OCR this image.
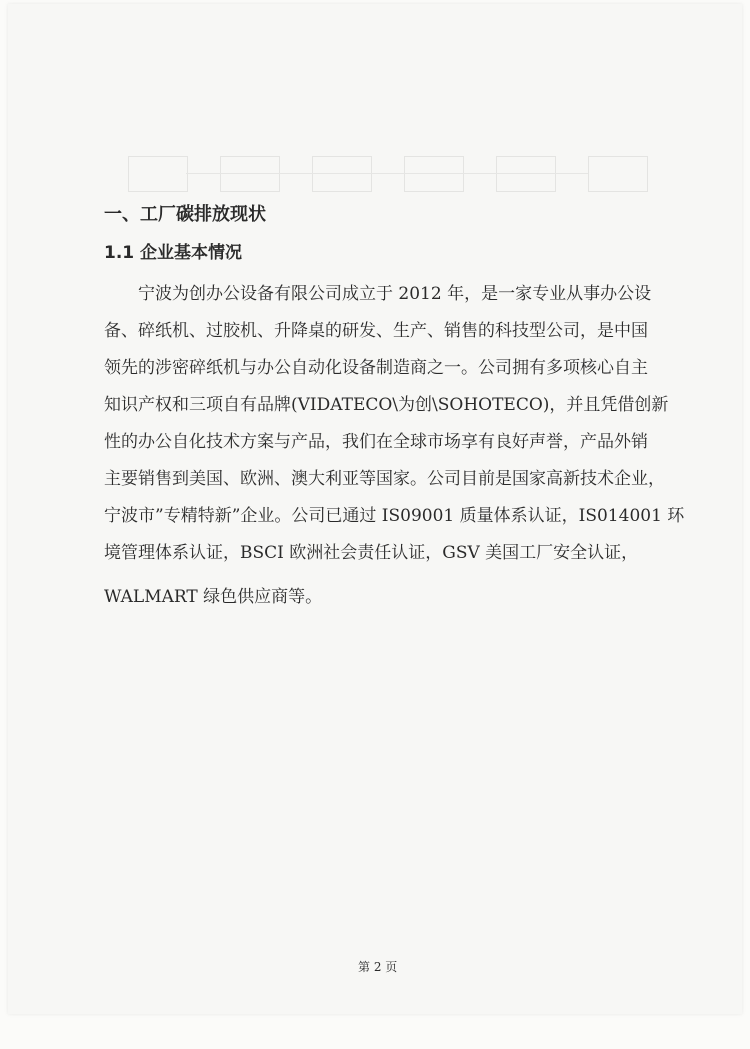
一、工厂碳排放现状
1.1 企业基本情况
　　宁波为创办公设备有限公司成立于 2012 年，是一家专业从事办公设
备、碎纸机、过胶机、升降桌的研发、生产、销售的科技型公司，是中国
领先的涉密碎纸机与办公自动化设备制造商之一。公司拥有多项核心自主
知识产权和三项自有品牌(VIDATECO\为创\SOHOTECO)，并且凭借创新
性的办公自化技术方案与产品，我们在全球市场享有良好声誉，产品外销
主要销售到美国、欧洲、澳大利亚等国家。公司目前是国家高新技术企业，
宁波市”专精特新”企业。公司已通过 IS09001 质量体系认证，IS014001 环
境管理体系认证，BSCI 欧洲社会责任认证，GSV 美国工厂安全认证，
WALMART 绿色供应商等。
第 2 页
